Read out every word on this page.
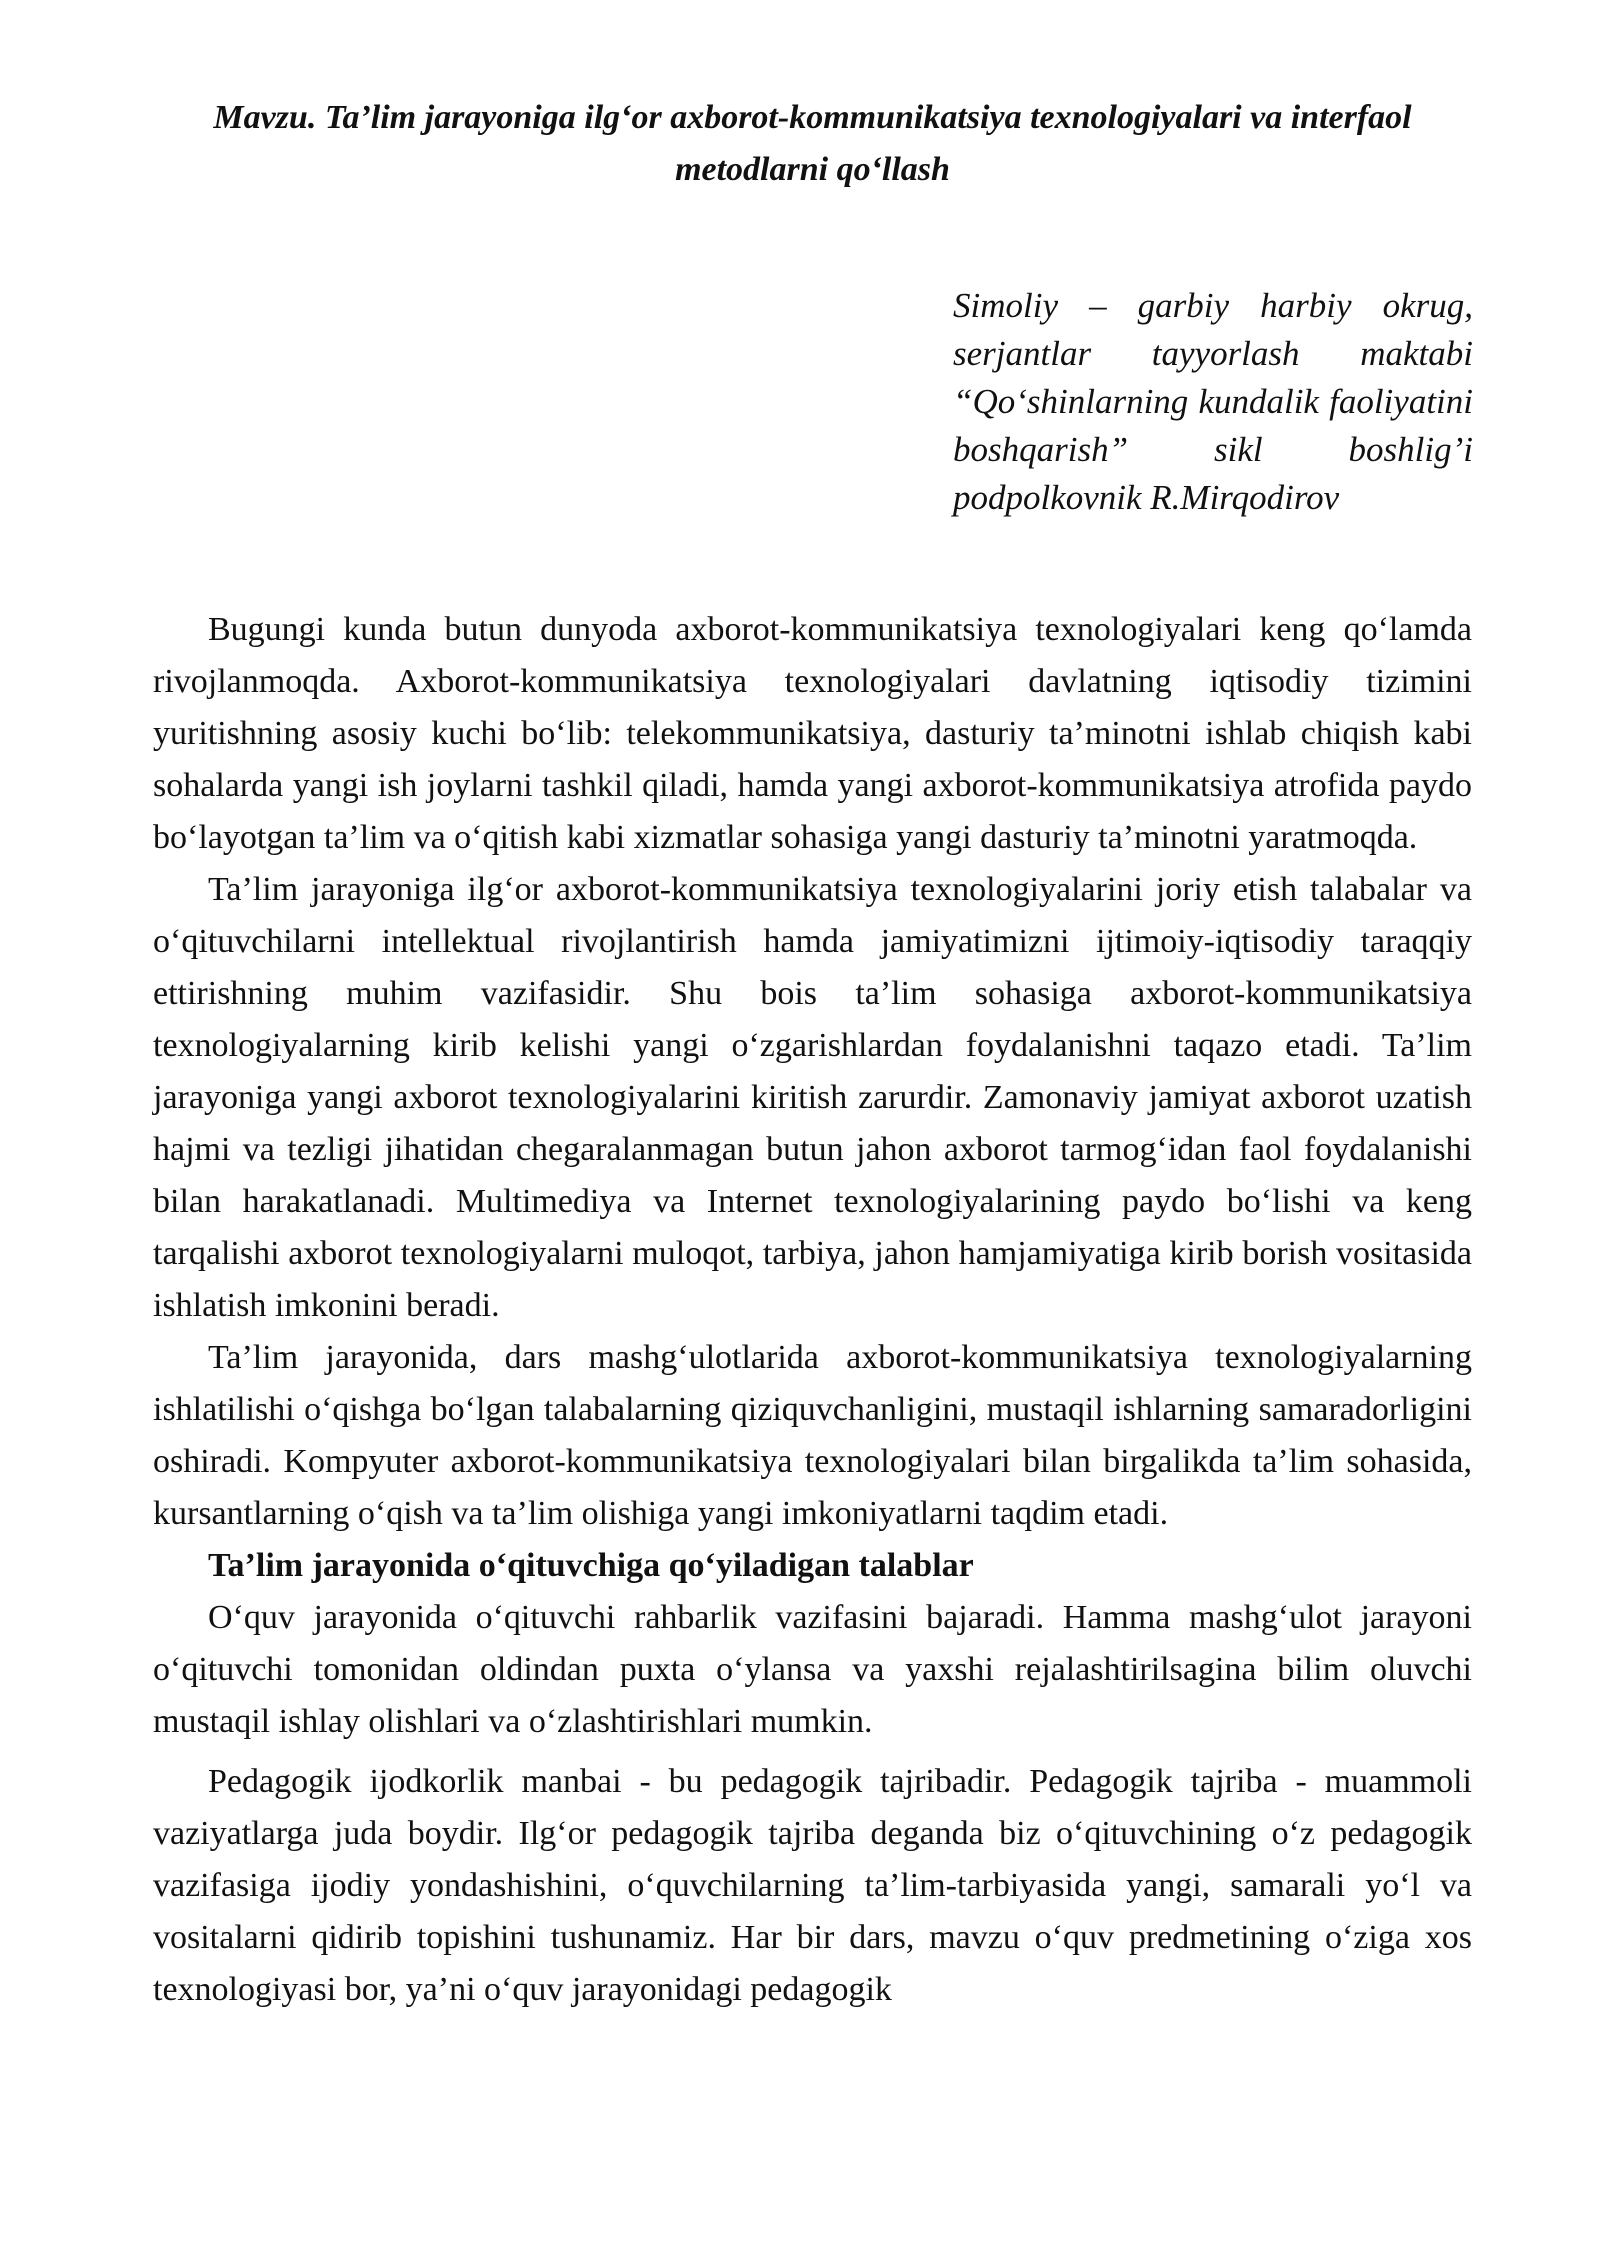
Mavzu. Ta’lim jarayoniga ilg‘or axborot-kommunikatsiya texnologiyalari va interfaol metodlarni qo‘llash
Simoliy – garbiy harbiy okrug,
serjantlar tayyorlash maktabi
“Qo‘shinlarning kundalik faoliyatini
boshqarish” sikl boshlig’i
podpolkovnik R.Mirqodirov

Bugungi kunda butun dunyoda axborot-kommunikatsiya texnologiyalari keng qo‘lamda rivojlanmoqda. Axborot-kommunikatsiya texnologiyalari davlatning iqtisodiy tizimini yuritishning asosiy kuchi bo‘lib: telekommunikatsiya, dasturiy ta’minotni ishlab chiqish kabi sohalarda yangi ish joylarni tashkil qiladi, hamda yangi axborot-kommunikatsiya atrofida paydo bo‘layotgan ta’lim va o‘qitish kabi xizmatlar sohasiga yangi dasturiy ta’minotni yaratmoqda.

Ta’lim jarayoniga ilg‘or axborot-kommunikatsiya texnologiyalarini joriy etish talabalar va o‘qituvchilarni intellektual rivojlantirish hamda jamiyatimizni ijtimoiy-iqtisodiy taraqqiy ettirishning muhim vazifasidir. Shu bois ta’lim sohasiga axborot-kommunikatsiya texnologiyalarning kirib kelishi yangi o‘zgarishlardan foydalanishni taqazo etadi. Ta’lim jarayoniga yangi axborot texnologiyalarini kiritish zarurdir. Zamonaviy jamiyat axborot uzatish hajmi va tezligi jihatidan chegaralanmagan butun jahon axborot tarmog‘idan faol foydalanishi bilan harakatlanadi. Multimediya va Internet texnologiyalarining paydo bo‘lishi va keng tarqalishi axborot texnologiyalarni muloqot, tarbiya, jahon hamjamiyatiga kirib borish vositasida ishlatish imkonini beradi.

Ta’lim jarayonida, dars mashg‘ulotlarida axborot-kommunikatsiya texnologiyalarning ishlatilishi o‘qishga bo‘lgan talabalarning qiziquvchanligini, mustaqil ishlarning samaradorligini oshiradi. Kompyuter axborot-kommunikatsiya texnologiyalari bilan birgalikda ta’lim sohasida, kursantlarning o‘qish va ta’lim olishiga yangi imkoniyatlarni taqdim etadi.

Ta’lim jarayonida o‘qituvchiga qo‘yiladigan talablar

O‘quv jarayonida o‘qituvchi rahbarlik vazifasini bajaradi. Hamma mashg‘ulot jarayoni o‘qituvchi tomonidan oldindan puxta o‘ylansa va yaxshi rejalashtirilsagina bilim oluvchi mustaqil ishlay olishlari va o‘zlashtirishlari mumkin.

Pedagogik ijodkorlik manbai - bu pedagogik tajribadir. Pedagogik tajriba - muammoli vaziyatlarga juda boydir. Ilg‘or pedagogik tajriba deganda biz o‘qituvchining o‘z pedagogik vazifasiga ijodiy yondashishini, o‘quvchilarning ta’lim-tarbiyasida yangi, samarali yo‘l va vositalarni qidirib topishini tushunamiz. Har bir dars, mavzu o‘quv predmetining o‘ziga xos texnologiyasi bor, ya’ni o‘quv jarayonidagi pedagogik
